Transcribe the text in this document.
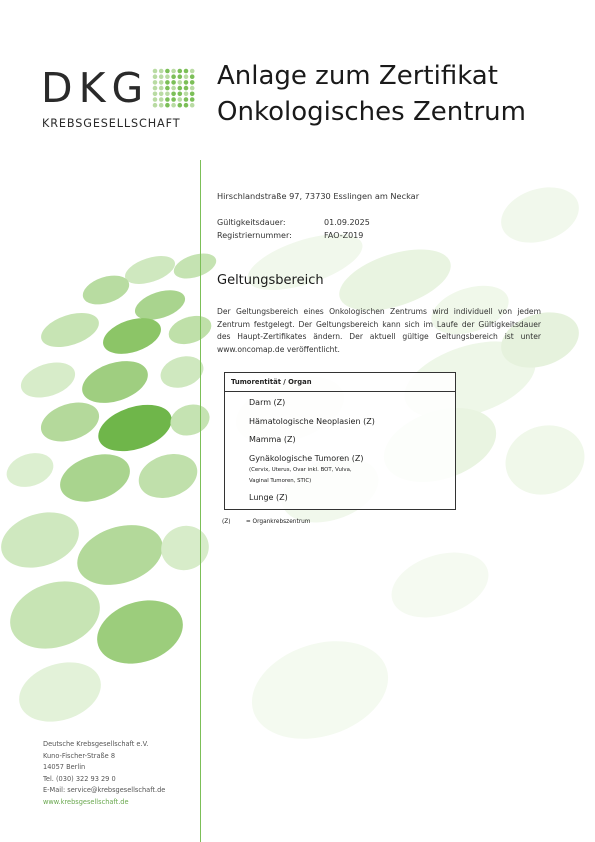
DKG
KREBSGESELLSCHAFT
Anlage zum Zertifikat
Onkologisches Zentrum
Hirschlandstraße 97, 73730 Esslingen am Neckar
Gültigkeitsdauer:	01.09.2025
Registriernummer:	FAO-Z019
Geltungsbereich
Der Geltungsbereich eines Onkologischen Zentrums wird individuell von jedem Zentrum festgelegt. Der Geltungsbereich kann sich im Laufe der Gültigkeitsdauer des Haupt-Zertifikates ändern. Der aktuell gültige Geltungsbereich ist unter www.oncomap.de veröffentlicht.
Tumorentität / Organ
Darm (Z)
Hämatologische Neoplasien (Z)
Mamma (Z)
Gynäkologische Tumoren (Z)
(Cervix, Uterus, Ovar inkl. BOT, Vulva,
Vaginal Tumoren, STIC)
Lunge (Z)
(Z)	= Organkrebszentrum
Deutsche Krebsgesellschaft e.V.
Kuno-Fischer-Straße 8
14057 Berlin
Tel. (030) 322 93 29 0
E-Mail: service@krebsgesellschaft.de
www.krebsgesellschaft.de
